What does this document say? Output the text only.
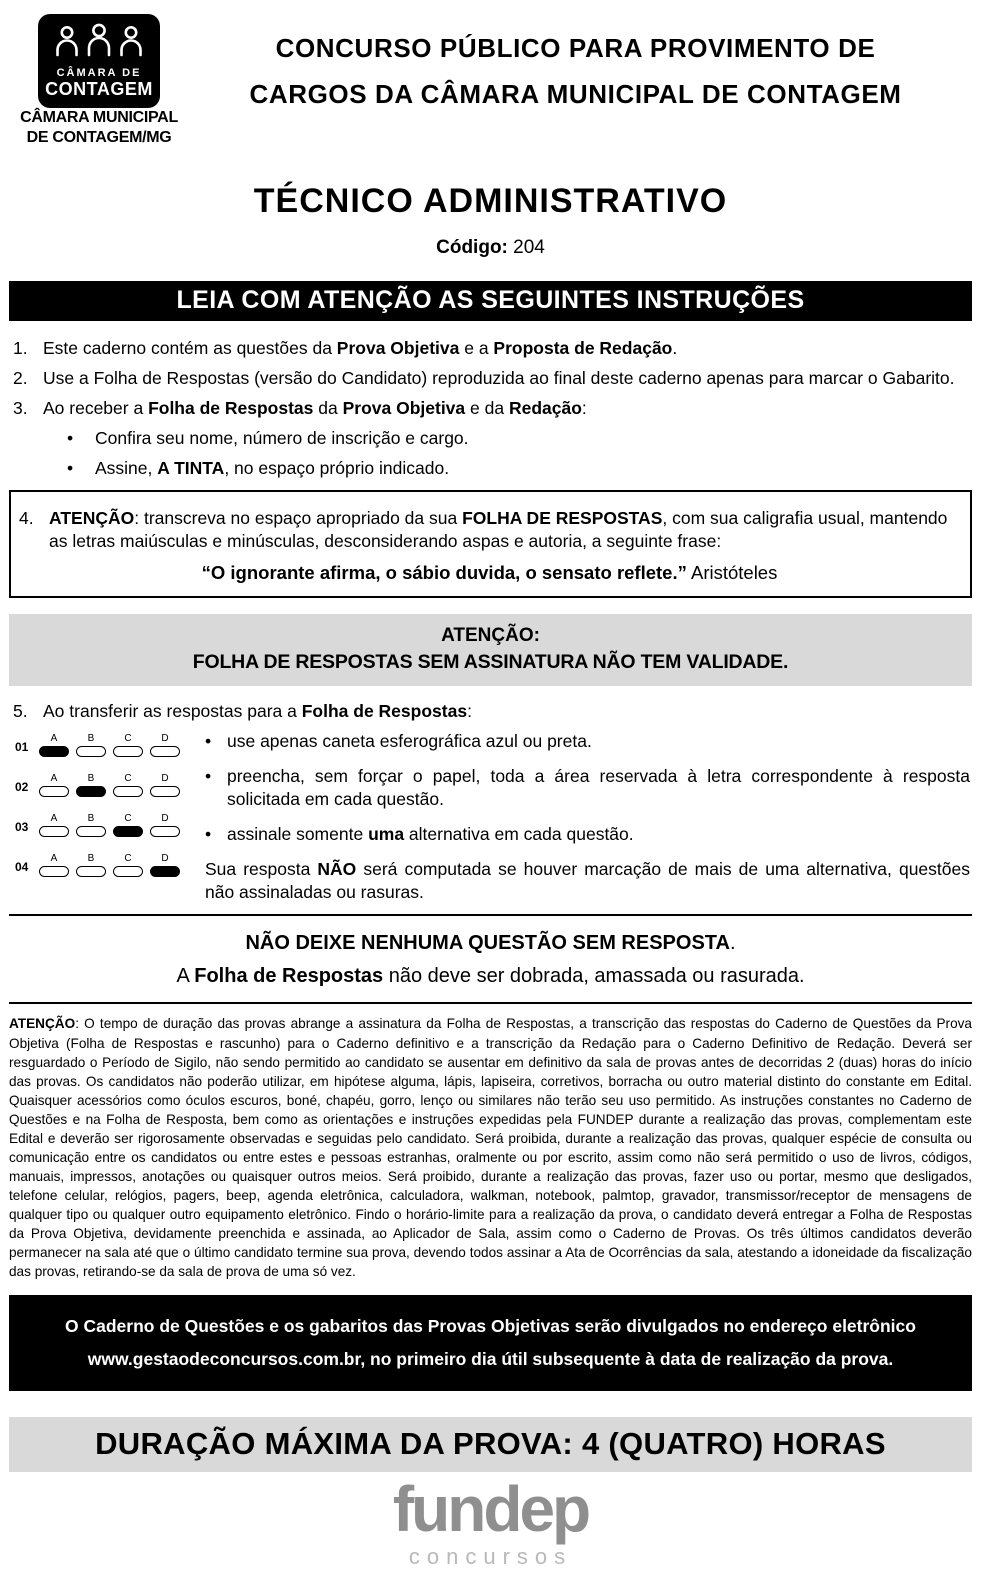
CÂMARA DE
CONTAGEM
CÂMARA MUNICIPAL
DE CONTAGEM/MG
CONCURSO PÚBLICO PARA PROVIMENTO DE
CARGOS DA CÂMARA MUNICIPAL DE CONTAGEM
TÉCNICO ADMINISTRATIVO
Código: 204
LEIA COM ATENÇÃO AS SEGUINTES INSTRUÇÕES
1. Este caderno contém as questões da Prova Objetiva e a Proposta de Redação.
2. Use a Folha de Respostas (versão do Candidato) reproduzida ao final deste caderno apenas para marcar o Gabarito.
3. Ao receber a Folha de Respostas da Prova Objetiva e da Redação:
•	Confira seu nome, número de inscrição e cargo.
•	Assine, A TINTA, no espaço próprio indicado.
4. ATENÇÃO: transcreva no espaço apropriado da sua FOLHA DE RESPOSTAS, com sua caligrafia usual, mantendo as letras maiúsculas e minúsculas, desconsiderando aspas e autoria, a seguinte frase:
“O ignorante afirma, o sábio duvida, o sensato reflete.” Aristóteles
ATENÇÃO:
FOLHA DE RESPOSTAS SEM ASSINATURA NÃO TEM VALIDADE.
5. Ao transferir as respostas para a Folha de Respostas:
01
A	B	C	D
02
A	B	C	D
03
A	B	C	D
04
A	B	C	D
• use apenas caneta esferográfica azul ou preta.
• preencha, sem forçar o papel, toda a área reservada à letra correspondente à resposta solicitada em cada questão.
• assinale somente uma alternativa em cada questão.
Sua resposta NÃO será computada se houver marcação de mais de uma alternativa, questões não assinaladas ou rasuras.
NÃO DEIXE NENHUMA QUESTÃO SEM RESPOSTA.
A Folha de Respostas não deve ser dobrada, amassada ou rasurada.
ATENÇÃO: O tempo de duração das provas abrange a assinatura da Folha de Respostas, a transcrição das respostas do Caderno de Questões da Prova Objetiva (Folha de Respostas e rascunho) para o Caderno definitivo e a transcrição da Redação para o Caderno Definitivo de Redação. Deverá ser resguardado o Período de Sigilo, não sendo permitido ao candidato se ausentar em definitivo da sala de provas antes de decorridas 2 (duas) horas do início das provas. Os candidatos não poderão utilizar, em hipótese alguma, lápis, lapiseira, corretivos, borracha ou outro material distinto do constante em Edital. Quaisquer acessórios como óculos escuros, boné, chapéu, gorro, lenço ou similares não terão seu uso permitido. As instruções constantes no Caderno de Questões e na Folha de Resposta, bem como as orientações e instruções expedidas pela FUNDEP durante a realização das provas, complementam este Edital e deverão ser rigorosamente observadas e seguidas pelo candidato. Será proibida, durante a realização das provas, qualquer espécie de consulta ou comunicação entre os candidatos ou entre estes e pessoas estranhas, oralmente ou por escrito, assim como não será permitido o uso de livros, códigos, manuais, impressos, anotações ou quaisquer outros meios. Será proibido, durante a realização das provas, fazer uso ou portar, mesmo que desligados, telefone celular, relógios, pagers, beep, agenda eletrônica, calculadora, walkman, notebook, palmtop, gravador, transmissor/receptor de mensagens de qualquer tipo ou qualquer outro equipamento eletrônico. Findo o horário-limite para a realização da prova, o candidato deverá entregar a Folha de Respostas da Prova Objetiva, devidamente preenchida e assinada, ao Aplicador de Sala, assim como o Caderno de Provas. Os três últimos candidatos deverão permanecer na sala até que o último candidato termine sua prova, devendo todos assinar a Ata de Ocorrências da sala, atestando a idoneidade da fiscalização das provas, retirando-se da sala de prova de uma só vez.
O Caderno de Questões e os gabaritos das Provas Objetivas serão divulgados no endereço eletrônico
www.gestaodeconcursos.com.br, no primeiro dia útil subsequente à data de realização da prova.
DURAÇÃO MÁXIMA DA PROVA: 4 (QUATRO) HORAS
fundep
concursos
